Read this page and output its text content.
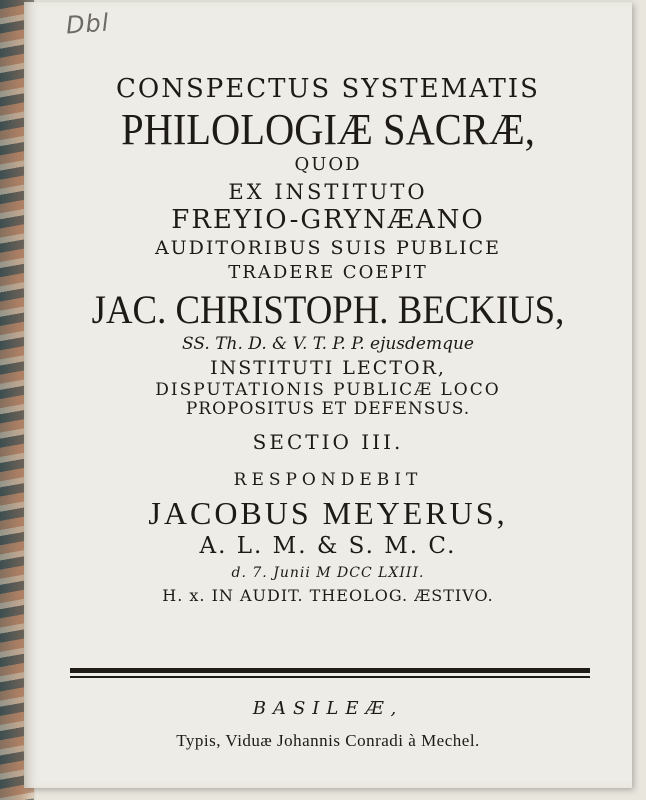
Dbl
CONSPECTUS SYSTEMATIS
PHILOLOGIÆ SACRÆ,
QUOD
EX INSTITUTO
FREYIO-GRYNÆANO
AUDITORIBUS SUIS PUBLICE
TRADERE COEPIT
JAC. CHRISTOPH. BECKIUS,
SS. Th. D. & V. T. P. P. ejusdemque
INSTITUTI LECTOR,
DISPUTATIONIS PUBLICÆ LOCO
PROPOSITUS ET DEFENSUS.
SECTIO III.
RESPONDEBIT
JACOBUS MEYERUS,
A. L. M. & S. M. C.
d. 7. Junii M DCC LXIII.
H. x. IN AUDIT. THEOLOG. ÆSTIVO.
BASILEÆ,
Typis, Viduæ Johannis Conradi à Mechel.
